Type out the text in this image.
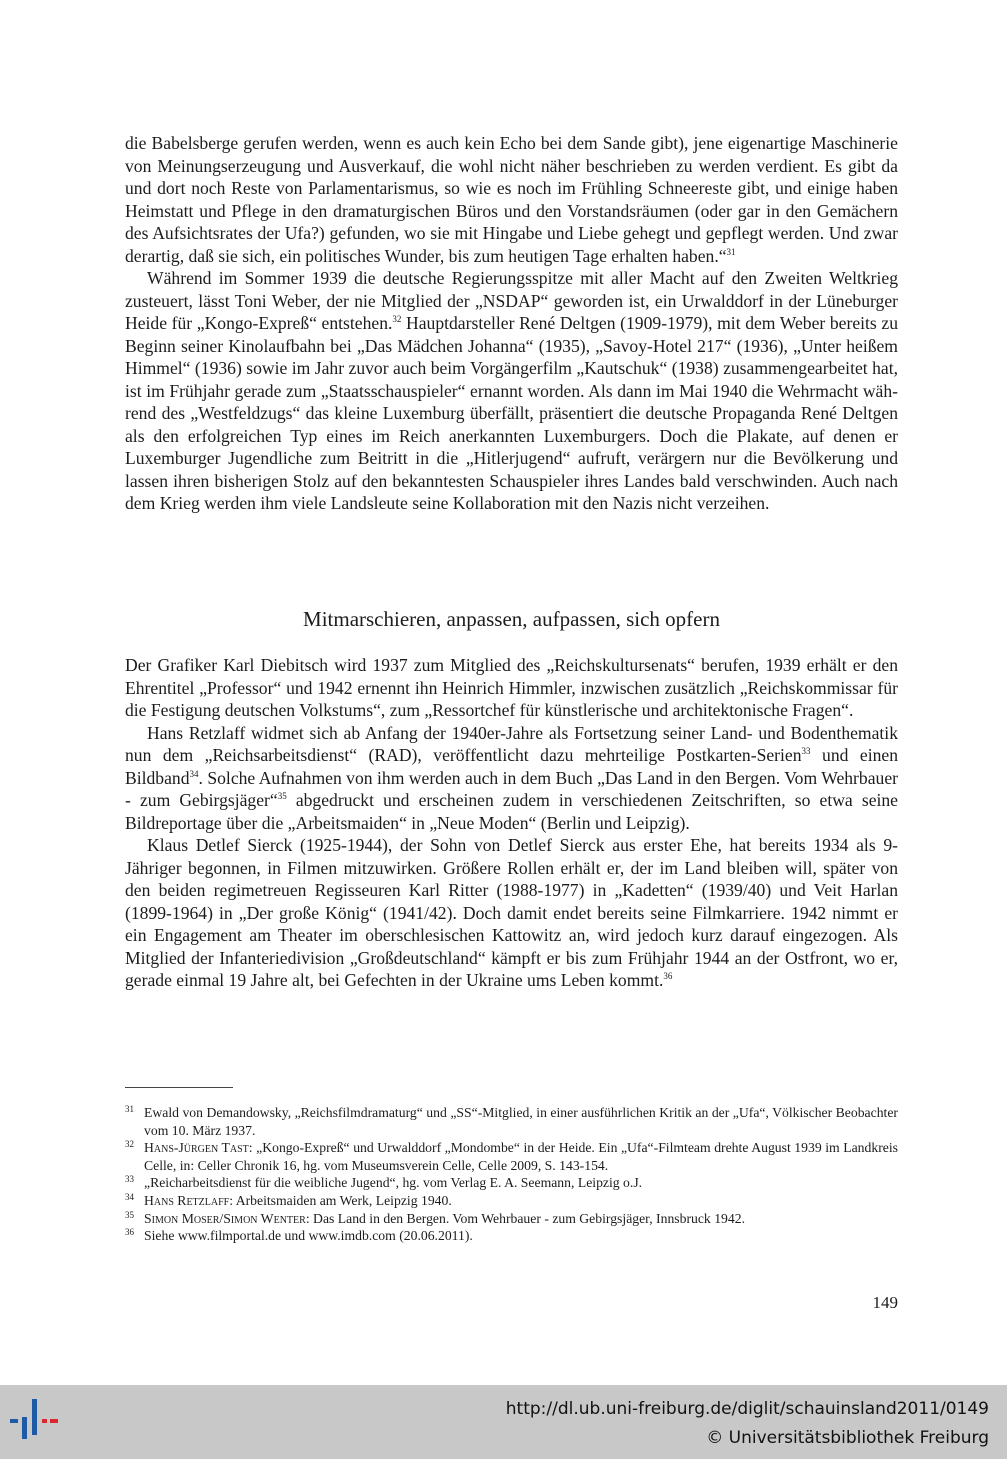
die Babelsberge gerufen werden, wenn es auch kein Echo bei dem Sande gibt), jene eigenartige Maschinerie von Meinungserzeugung und Ausverkauf, die wohl nicht näher beschrieben zu werden verdient. Es gibt da und dort noch Reste von Parlamentarismus, so wie es noch im Frühling Schneereste gibt, und einige haben Heimstatt und Pflege in den dramaturgischen Büros und den Vorstandsräumen (oder gar in den Gemächern des Aufsichtsrates der Ufa?) gefunden, wo sie mit Hingabe und Liebe gehegt und gepflegt werden. Und zwar derartig, daß sie sich, ein politisches Wunder, bis zum heutigen Tage erhalten haben.“$^{31}$

Während im Sommer 1939 die deutsche Regierungsspitze mit aller Macht auf den Zweiten Weltkrieg zusteuert, lässt Toni Weber, der nie Mitglied der „NSDAP“ geworden ist, ein Urwalddorf in der Lüneburger Heide für „Kongo-Expreß“ entstehen.$^{32}$ Hauptdarsteller René Deltgen (1909-1979), mit dem Weber bereits zu Beginn seiner Kinolaufbahn bei „Das Mädchen Johanna“ (1935), „Savoy-Hotel 217“ (1936), „Unter heißem Himmel“ (1936) sowie im Jahr zuvor auch beim Vorgängerfilm „Kautschuk“ (1938) zusammengearbeitet hat, ist im Frühjahr gerade zum „Staatsschauspieler“ ernannt worden. Als dann im Mai 1940 die Wehrmacht während des „Westfeldzugs“ das kleine Luxemburg überfällt, präsentiert die deutsche Propaganda René Deltgen als den erfolgreichen Typ eines im Reich anerkannten Luxemburgers. Doch die Plakate, auf denen er Luxemburger Jugendliche zum Beitritt in die „Hitlerjugend“ aufruft, verärgern nur die Bevölkerung und lassen ihren bisherigen Stolz auf den bekanntesten Schauspieler ihres Landes bald verschwinden. Auch nach dem Krieg werden ihm viele Landsleute seine Kollaboration mit den Nazis nicht verzeihen.

Mitmarschieren, anpassen, aufpassen, sich opfern

Der Grafiker Karl Diebitsch wird 1937 zum Mitglied des „Reichskultursenats“ berufen, 1939 erhält er den Ehrentitel „Professor“ und 1942 ernennt ihn Heinrich Himmler, inzwischen zusätzlich „Reichskommissar für die Festigung deutschen Volkstums“, zum „Ressortchef für künstlerische und architektonische Fragen“.

Hans Retzlaff widmet sich ab Anfang der 1940er-Jahre als Fortsetzung seiner Land- und Bodenthematik nun dem „Reichsarbeitsdienst“ (RAD), veröffentlicht dazu mehrteilige Postkarten-Serien$^{33}$ und einen Bildband$^{34}$. Solche Aufnahmen von ihm werden auch in dem Buch „Das Land in den Bergen. Vom Wehrbauer - zum Gebirgsjäger“$^{35}$ abgedruckt und erscheinen zudem in verschiedenen Zeitschriften, so etwa seine Bildreportage über die „Arbeitsmaiden“ in „Neue Moden“ (Berlin und Leipzig).

Klaus Detlef Sierck (1925-1944), der Sohn von Detlef Sierck aus erster Ehe, hat bereits 1934 als 9-Jähriger begonnen, in Filmen mitzuwirken. Größere Rollen erhält er, der im Land bleiben will, später von den beiden regimetreuen Regisseuren Karl Ritter (1988-1977) in „Kadetten“ (1939/40) und Veit Harlan (1899-1964) in „Der große König“ (1941/42). Doch damit endet bereits seine Filmkarriere. 1942 nimmt er ein Engagement am Theater im oberschlesischen Kattowitz an, wird jedoch kurz darauf eingezogen. Als Mitglied der Infanteriedivision „Großdeutschland“ kämpft er bis zum Frühjahr 1944 an der Ostfront, wo er, gerade einmal 19 Jahre alt, bei Gefechten in der Ukraine ums Leben kommt.$^{36}$

31 Ewald von Demandowsky, „Reichsfilmdramaturg“ und „SS“-Mitglied, in einer ausführlichen Kritik an der „Ufa“, Völkischer Beobachter vom 10. März 1937.
32 Hans-Jürgen Tast: „Kongo-Expreß“ und Urwalddorf „Mondombe“ in der Heide. Ein „Ufa“-Filmteam drehte August 1939 im Landkreis Celle, in: Celler Chronik 16, hg. vom Museumsverein Celle, Celle 2009, S. 143-154.
33 „Reicharbeitsdienst für die weibliche Jugend“, hg. vom Verlag E. A. Seemann, Leipzig o.J.
34 Hans Retzlaff: Arbeitsmaiden am Werk, Leipzig 1940.
35 Simon Moser/Simon Wenter: Das Land in den Bergen. Vom Wehrbauer - zum Gebirgsjäger, Innsbruck 1942.
36 Siehe www.filmportal.de und www.imdb.com (20.06.2011).
149
http://dl.ub.uni-freiburg.de/diglit/schauinsland2011/0149
© Universitätsbibliothek Freiburg
